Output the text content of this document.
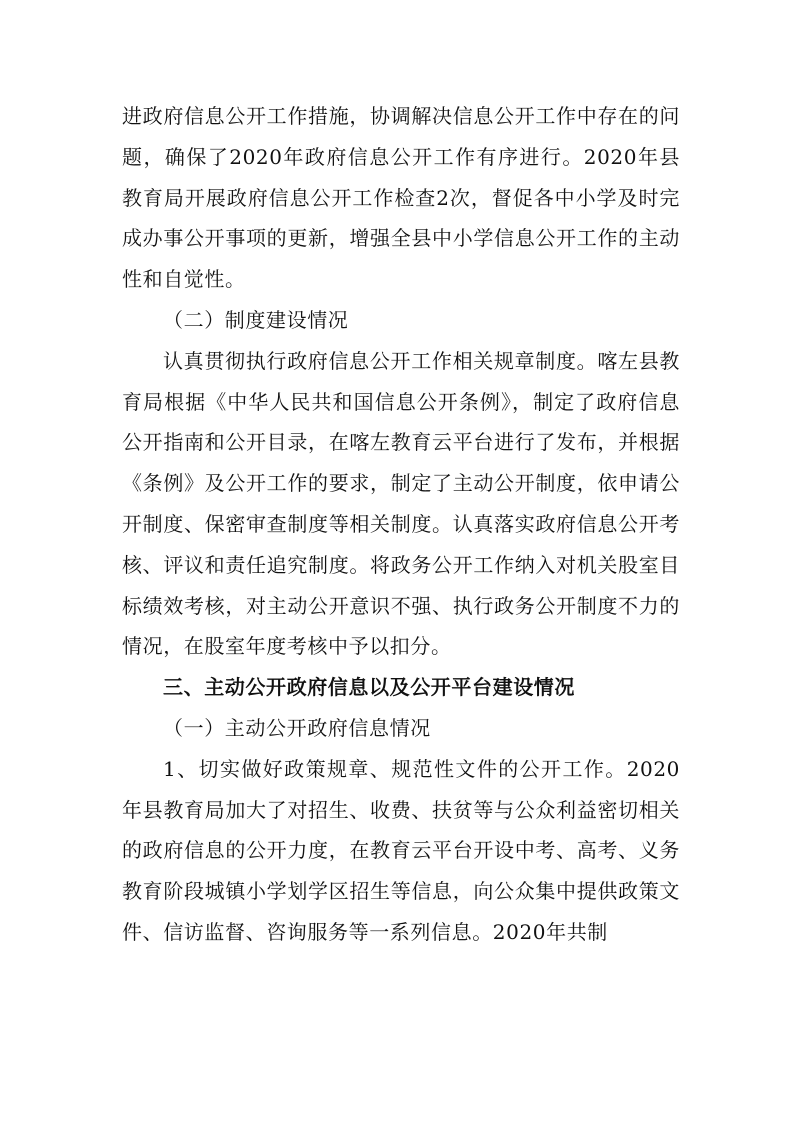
进政府信息公开工作措施，协调解决信息公开工作中存在的问题，确保了2020年政府信息公开工作有序进行。2020年县教育局开展政府信息公开工作检查2次，督促各中小学及时完成办事公开事项的更新，增强全县中小学信息公开工作的主动性和自觉性。

（二）制度建设情况

认真贯彻执行政府信息公开工作相关规章制度。喀左县教育局根据《中华人民共和国信息公开条例》，制定了政府信息公开指南和公开目录，在喀左教育云平台进行了发布，并根据《条例》及公开工作的要求，制定了主动公开制度，依申请公开制度、保密审查制度等相关制度。认真落实政府信息公开考核、评议和责任追究制度。将政务公开工作纳入对机关股室目标绩效考核，对主动公开意识不强、执行政务公开制度不力的情况，在股室年度考核中予以扣分。

三、主动公开政府信息以及公开平台建设情况

（一）主动公开政府信息情况

1、切实做好政策规章、规范性文件的公开工作。2020年县教育局加大了对招生、收费、扶贫等与公众利益密切相关的政府信息的公开力度，在教育云平台开设中考、高考、义务教育阶段城镇小学划学区招生等信息，向公众集中提供政策文件、信访监督、咨询服务等一系列信息。2020年共制
